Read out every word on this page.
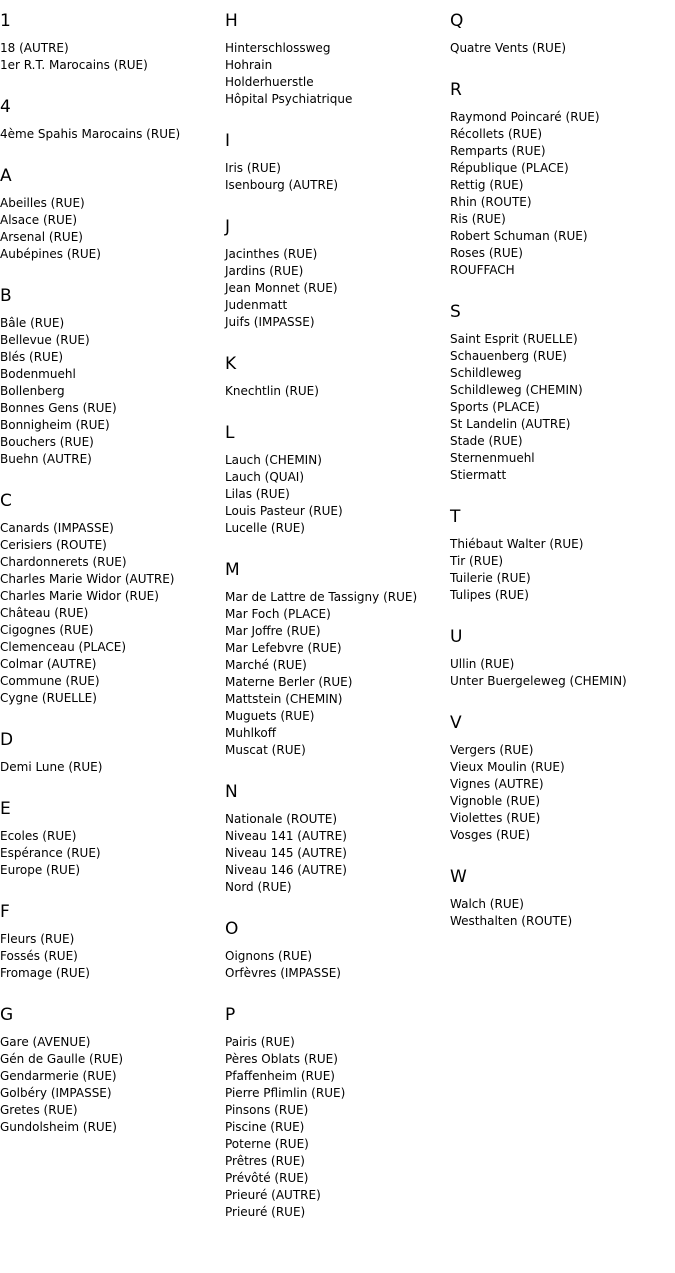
1
18 (AUTRE)
1er R.T. Marocains (RUE)
4
4ème Spahis Marocains (RUE)
A
Abeilles (RUE)
Alsace (RUE)
Arsenal (RUE)
Aubépines (RUE)
B
Bâle (RUE)
Bellevue (RUE)
Blés (RUE)
Bodenmuehl
Bollenberg
Bonnes Gens (RUE)
Bonnigheim (RUE)
Bouchers (RUE)
Buehn (AUTRE)
C
Canards (IMPASSE)
Cerisiers (ROUTE)
Chardonnerets (RUE)
Charles Marie Widor (AUTRE)
Charles Marie Widor (RUE)
Château (RUE)
Cigognes (RUE)
Clemenceau (PLACE)
Colmar (AUTRE)
Commune (RUE)
Cygne (RUELLE)
D
Demi Lune (RUE)
E
Ecoles (RUE)
Espérance (RUE)
Europe (RUE)
F
Fleurs (RUE)
Fossés (RUE)
Fromage (RUE)
G
Gare (AVENUE)
Gén de Gaulle (RUE)
Gendarmerie (RUE)
Golbéry (IMPASSE)
Gretes (RUE)
Gundolsheim (RUE)
H
Hinterschlossweg
Hohrain
Holderhuerstle
Hôpital Psychiatrique
I
Iris (RUE)
Isenbourg (AUTRE)
J
Jacinthes (RUE)
Jardins (RUE)
Jean Monnet (RUE)
Judenmatt
Juifs (IMPASSE)
K
Knechtlin (RUE)
L
Lauch (CHEMIN)
Lauch (QUAI)
Lilas (RUE)
Louis Pasteur (RUE)
Lucelle (RUE)
M
Mar de Lattre de Tassigny (RUE)
Mar Foch (PLACE)
Mar Joffre (RUE)
Mar Lefebvre (RUE)
Marché (RUE)
Materne Berler (RUE)
Mattstein (CHEMIN)
Muguets (RUE)
Muhlkoff
Muscat (RUE)
N
Nationale (ROUTE)
Niveau 141 (AUTRE)
Niveau 145 (AUTRE)
Niveau 146 (AUTRE)
Nord (RUE)
O
Oignons (RUE)
Orfèvres (IMPASSE)
P
Pairis (RUE)
Pères Oblats (RUE)
Pfaffenheim (RUE)
Pierre Pflimlin (RUE)
Pinsons (RUE)
Piscine (RUE)
Poterne (RUE)
Prêtres (RUE)
Prévôté (RUE)
Prieuré (AUTRE)
Prieuré (RUE)
Q
Quatre Vents (RUE)
R
Raymond Poincaré (RUE)
Récollets (RUE)
Remparts (RUE)
République (PLACE)
Rettig (RUE)
Rhin (ROUTE)
Ris (RUE)
Robert Schuman (RUE)
Roses (RUE)
ROUFFACH
S
Saint Esprit (RUELLE)
Schauenberg (RUE)
Schildleweg
Schildleweg (CHEMIN)
Sports (PLACE)
St Landelin (AUTRE)
Stade (RUE)
Sternenmuehl
Stiermatt
T
Thiébaut Walter (RUE)
Tir (RUE)
Tuilerie (RUE)
Tulipes (RUE)
U
Ullin (RUE)
Unter Buergeleweg (CHEMIN)
V
Vergers (RUE)
Vieux Moulin (RUE)
Vignes (AUTRE)
Vignoble (RUE)
Violettes (RUE)
Vosges (RUE)
W
Walch (RUE)
Westhalten (ROUTE)
